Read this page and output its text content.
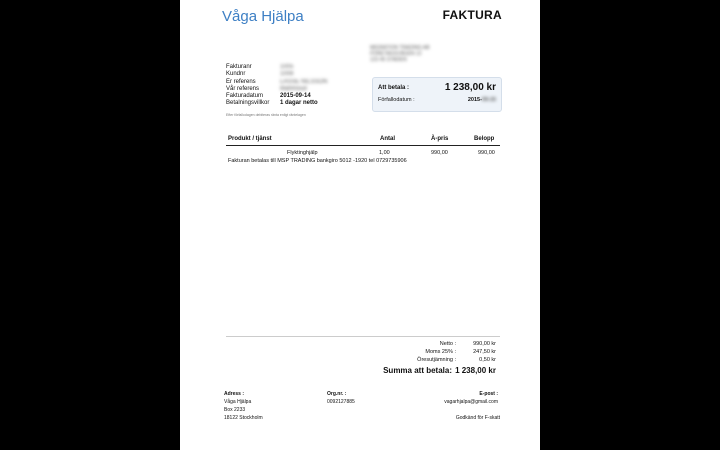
Våga Hjälpa	FAKTURA
MIGRATION TRADING AB
FÖRETAGSVÄGEN 12
123 45 STADEN
Fakturanr	1005
Kundnr	1008
Er referens	LASSE NILSSON
Vår referens	Mahmoud
Fakturadatum	2015-09-14
Betalningsvillkor 1 dagar netto
Efter förfallodagen debiteras ränta enligt räntelagen
Att betala :	1 238,00 kr
Förfallodatum :	2015-09-15
Produkt / tjänst	Antal	À-pris	Belopp
Flyktinghjälp	1,00	990,00	990,00
Fakturan betalas till MSP TRADING bankgiro 5012 -1920 tel 0729735906
Netto :	990,00 kr
Moms 25% :	247,50 kr
Öresutjämning :	0,50 kr
Summa att betala: 1 238,00 kr
Adress :
Våga Hjälpa
Box 2233
18122 Stockholm
Org.nr. :
0092127885
E-post :
vagarhjalpa@gmail.com
Godkänd för F-skatt
